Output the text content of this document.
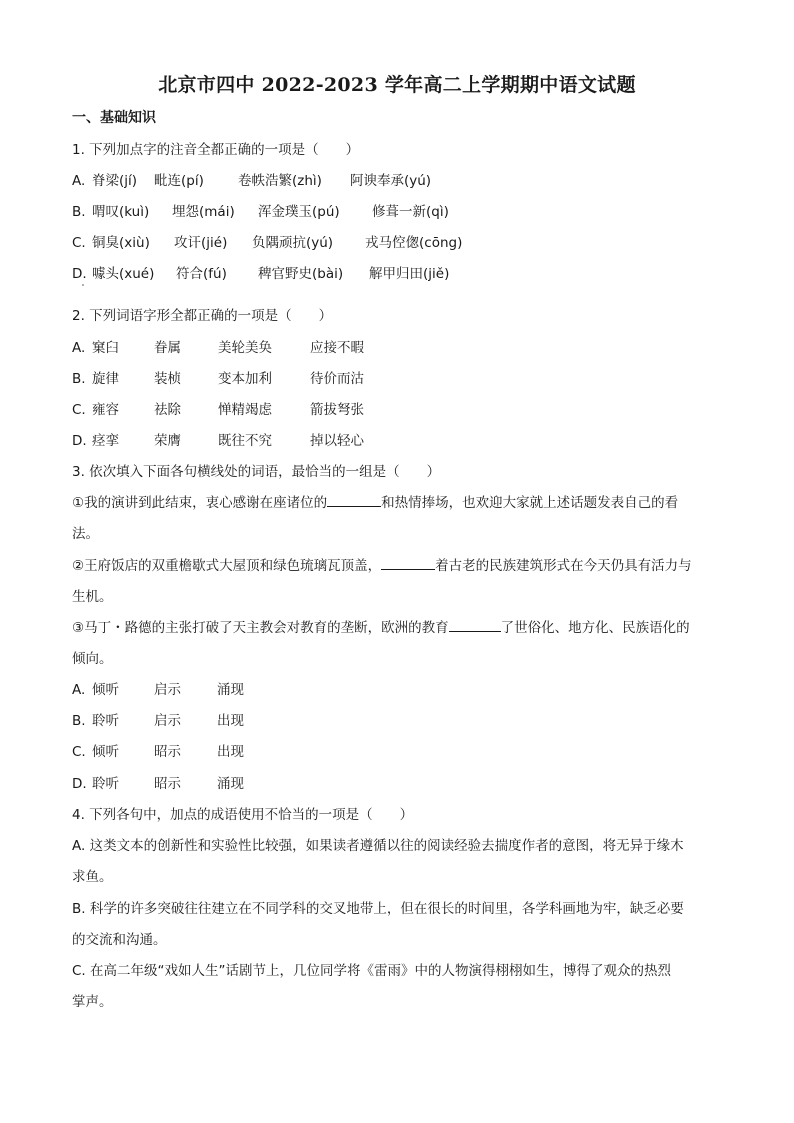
北京市四中 2022-2023 学年高二上学期期中语文试题
一、基础知识
1. 下列加点字的注音全都正确的一项是（　　）
A. 脊梁(jí) 毗连(pí)	卷帙浩繁(zhì) 阿谀奉承(yú)
B. 喟叹(kuì) 埋怨(mái) 浑金璞玉(pú) 修葺一新(qì)
C. 铜臭(xiù) 攻讦(jié) 负隅顽抗(yú) 戎马倥偬(cōng)
D. 噱头(xué) 符合(fú) 稗官野史(bài) 解甲归田(jiě)
2. 下列词语字形全都正确的一项是（　　）
A. 窠臼	眷属	美轮美奂	应接不暇
B. 旋律	装桢	变本加利	待价而沽
C. 雍容	祛除	惮精竭虑	箭拔弩张
D. 痉挛	荣膺	既往不究	掉以轻心
3. 依次填入下面各句横线处的词语，最恰当的一组是（　　）
①我的演讲到此结束，衷心感谢在座诸位的	和热情捧场，也欢迎大家就上述话题发表自己的看
法。
②王府饭店的双重檐歇式大屋顶和绿色琉璃瓦顶盖，	着古老的民族建筑形式在今天仍具有活力与
生机。
③马丁・路德的主张打破了天主教会对教育的垄断，欧洲的教育	了世俗化、地方化、民族语化的
倾向。
A. 倾听	启示	涌现
B. 聆听	启示	出现
C. 倾听	昭示	出现
D. 聆听	昭示	涌现
4. 下列各句中，加点的成语使用不恰当的一项是（　　）
A. 这类文本的创新性和实验性比较强，如果读者遵循以往的阅读经验去揣度作者的意图，将无异于缘木
求鱼。
B. 科学的许多突破往往建立在不同学科的交叉地带上，但在很长的时间里，各学科画地为牢，缺乏必要
的交流和沟通。
C. 在高二年级“戏如人生”话剧节上，几位同学将《雷雨》中的人物演得栩栩如生，博得了观众的热烈
掌声。
